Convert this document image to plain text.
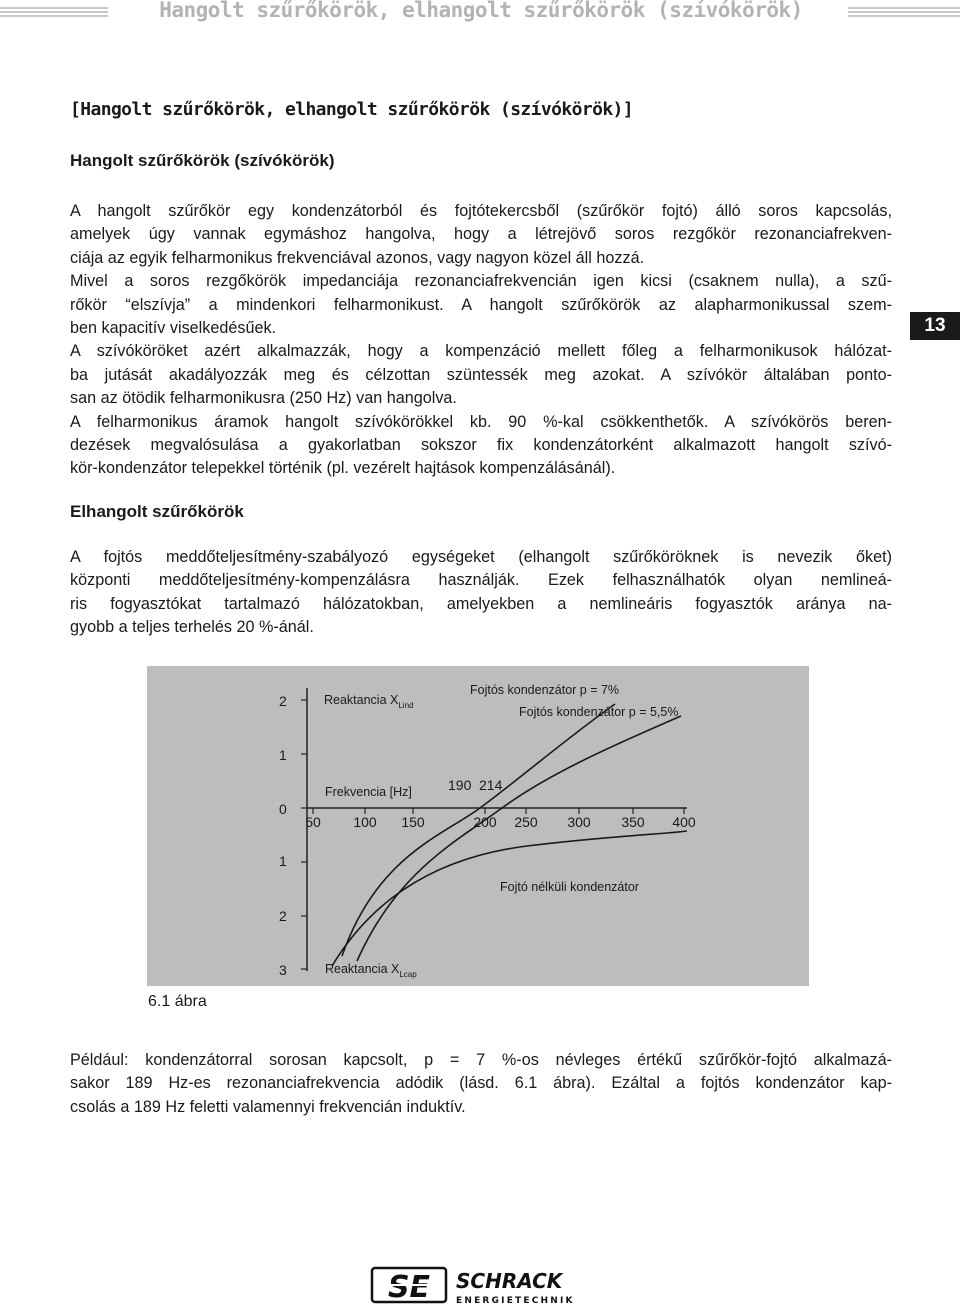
Hangolt szűrőkörök, elhangolt szűrőkörök (szívókörök)
[Hangolt szűrőkörök, elhangolt szűrőkörök (szívókörök)]
Hangolt szűrőkörök (szívókörök)
A hangolt szűrőkör egy kondenzátorból és fojtótekercsből (szűrőkör fojtó) álló soros kapcsolás,
amelyek úgy vannak egymáshoz hangolva, hogy a létrejövő soros rezgőkör rezonanciafrekven-
ciája az egyik felharmonikus frekvenciával azonos, vagy nagyon közel áll hozzá.
Mivel a soros rezgőkörök impedanciája rezonanciafrekvencián igen kicsi (csaknem nulla), a szű-
rőkör “elszívja” a mindenkori felharmonikust. A hangolt szűrőkörök az alapharmonikussal szem-
ben kapacitív viselkedésűek.
A szívóköröket azért alkalmazzák, hogy a kompenzáció mellett főleg a felharmonikusok hálózat-
ba jutását akadályozzák meg és célzottan szüntessék meg azokat. A szívókör általában ponto-
san az ötödik felharmonikusra (250 Hz) van hangolva.
A felharmonikus áramok hangolt szívókörökkel kb. 90 %-kal csökkenthetők. A szívókörös beren-
dezések megvalósulása a gyakorlatban sokszor fix kondenzátorként alkalmazott hangolt szívó-
kör-kondenzátor telepekkel történik (pl. vezérelt hajtások kompenzálásánál).
13
Elhangolt szűrőkörök
A fojtós meddőteljesítmény-szabályozó egységeket (elhangolt szűrőköröknek is nevezik őket)
központi meddőteljesítmény-kompenzálásra használják. Ezek felhasználhatók olyan nemlineá-
ris fogyasztókat tartalmazó hálózatokban, amelyekben a nemlineáris fogyasztók aránya na-
gyobb a teljes terhelés 20 %-ánál.
2
1
0
1
2
3
50 100 150	200 250 300 350 400
Reaktancia $X_{Lind}$
Reaktancia $X_{Lcap}$
Frekvencia [Hz]	190 214
Fojtós kondenzátor p = 7%
Fojtós kondenzátor p = 5,5%
Fojtó nélküli kondenzátor
6.1 ábra
Például: kondenzátorral sorosan kapcsolt, p = 7 %-os névleges értékű szűrőkör-fojtó alkalmazá-
sakor 189 Hz-es rezonanciafrekvencia adódik (lásd. 6.1 ábra). Ezáltal a fojtós kondenzátor kap-
csolás a 189 Hz feletti valamennyi frekvencián induktív.
SE SCHRACK
ENERGIETECHNIK
